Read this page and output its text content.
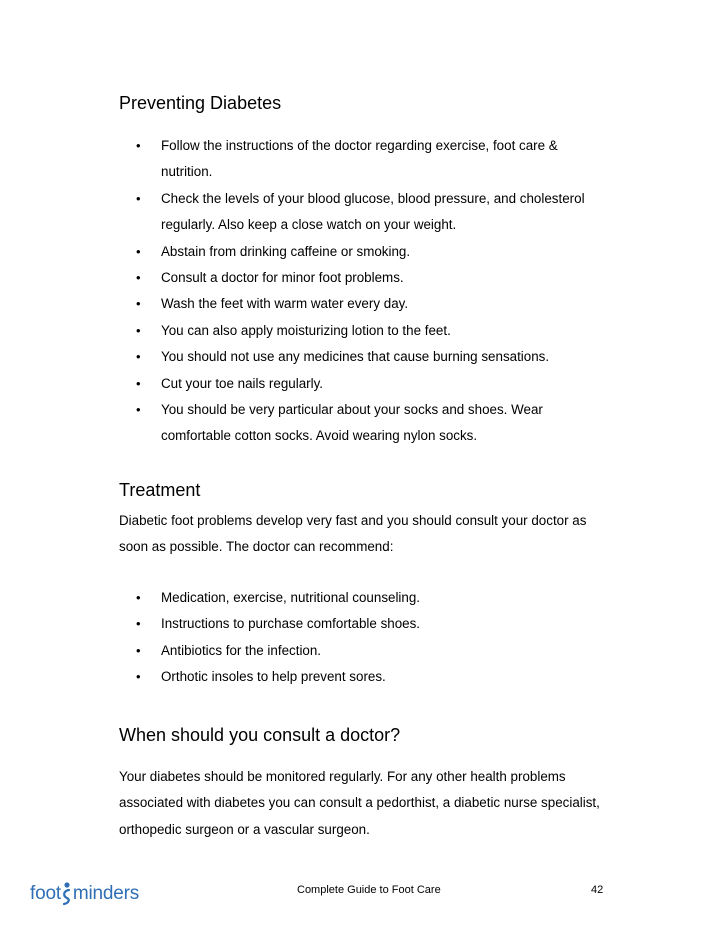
Preventing Diabetes
• Follow the instructions of the doctor regarding exercise, foot care &
nutrition.
• Check the levels of your blood glucose, blood pressure, and cholesterol
regularly. Also keep a close watch on your weight.
• Abstain from drinking caffeine or smoking.
• Consult a doctor for minor foot problems.
• Wash the feet with warm water every day.
• You can also apply moisturizing lotion to the feet.
• You should not use any medicines that cause burning sensations.
• Cut your toe nails regularly.
• You should be very particular about your socks and shoes. Wear
comfortable cotton socks. Avoid wearing nylon socks.
Treatment

Diabetic foot problems develop very fast and you should consult your doctor as
soon as possible. The doctor can recommend:

• Medication, exercise, nutritional counseling.
• Instructions to purchase comfortable shoes.
• Antibiotics for the infection.
• Orthotic insoles to help prevent sores.
When should you consult a doctor?

Your diabetes should be monitored regularly. For any other health problems
associated with diabetes you can consult a pedorthist, a diabetic nurse specialist,
orthopedic surgeon or a vascular surgeon.

foot minders	Complete Guide to Foot Care	42
